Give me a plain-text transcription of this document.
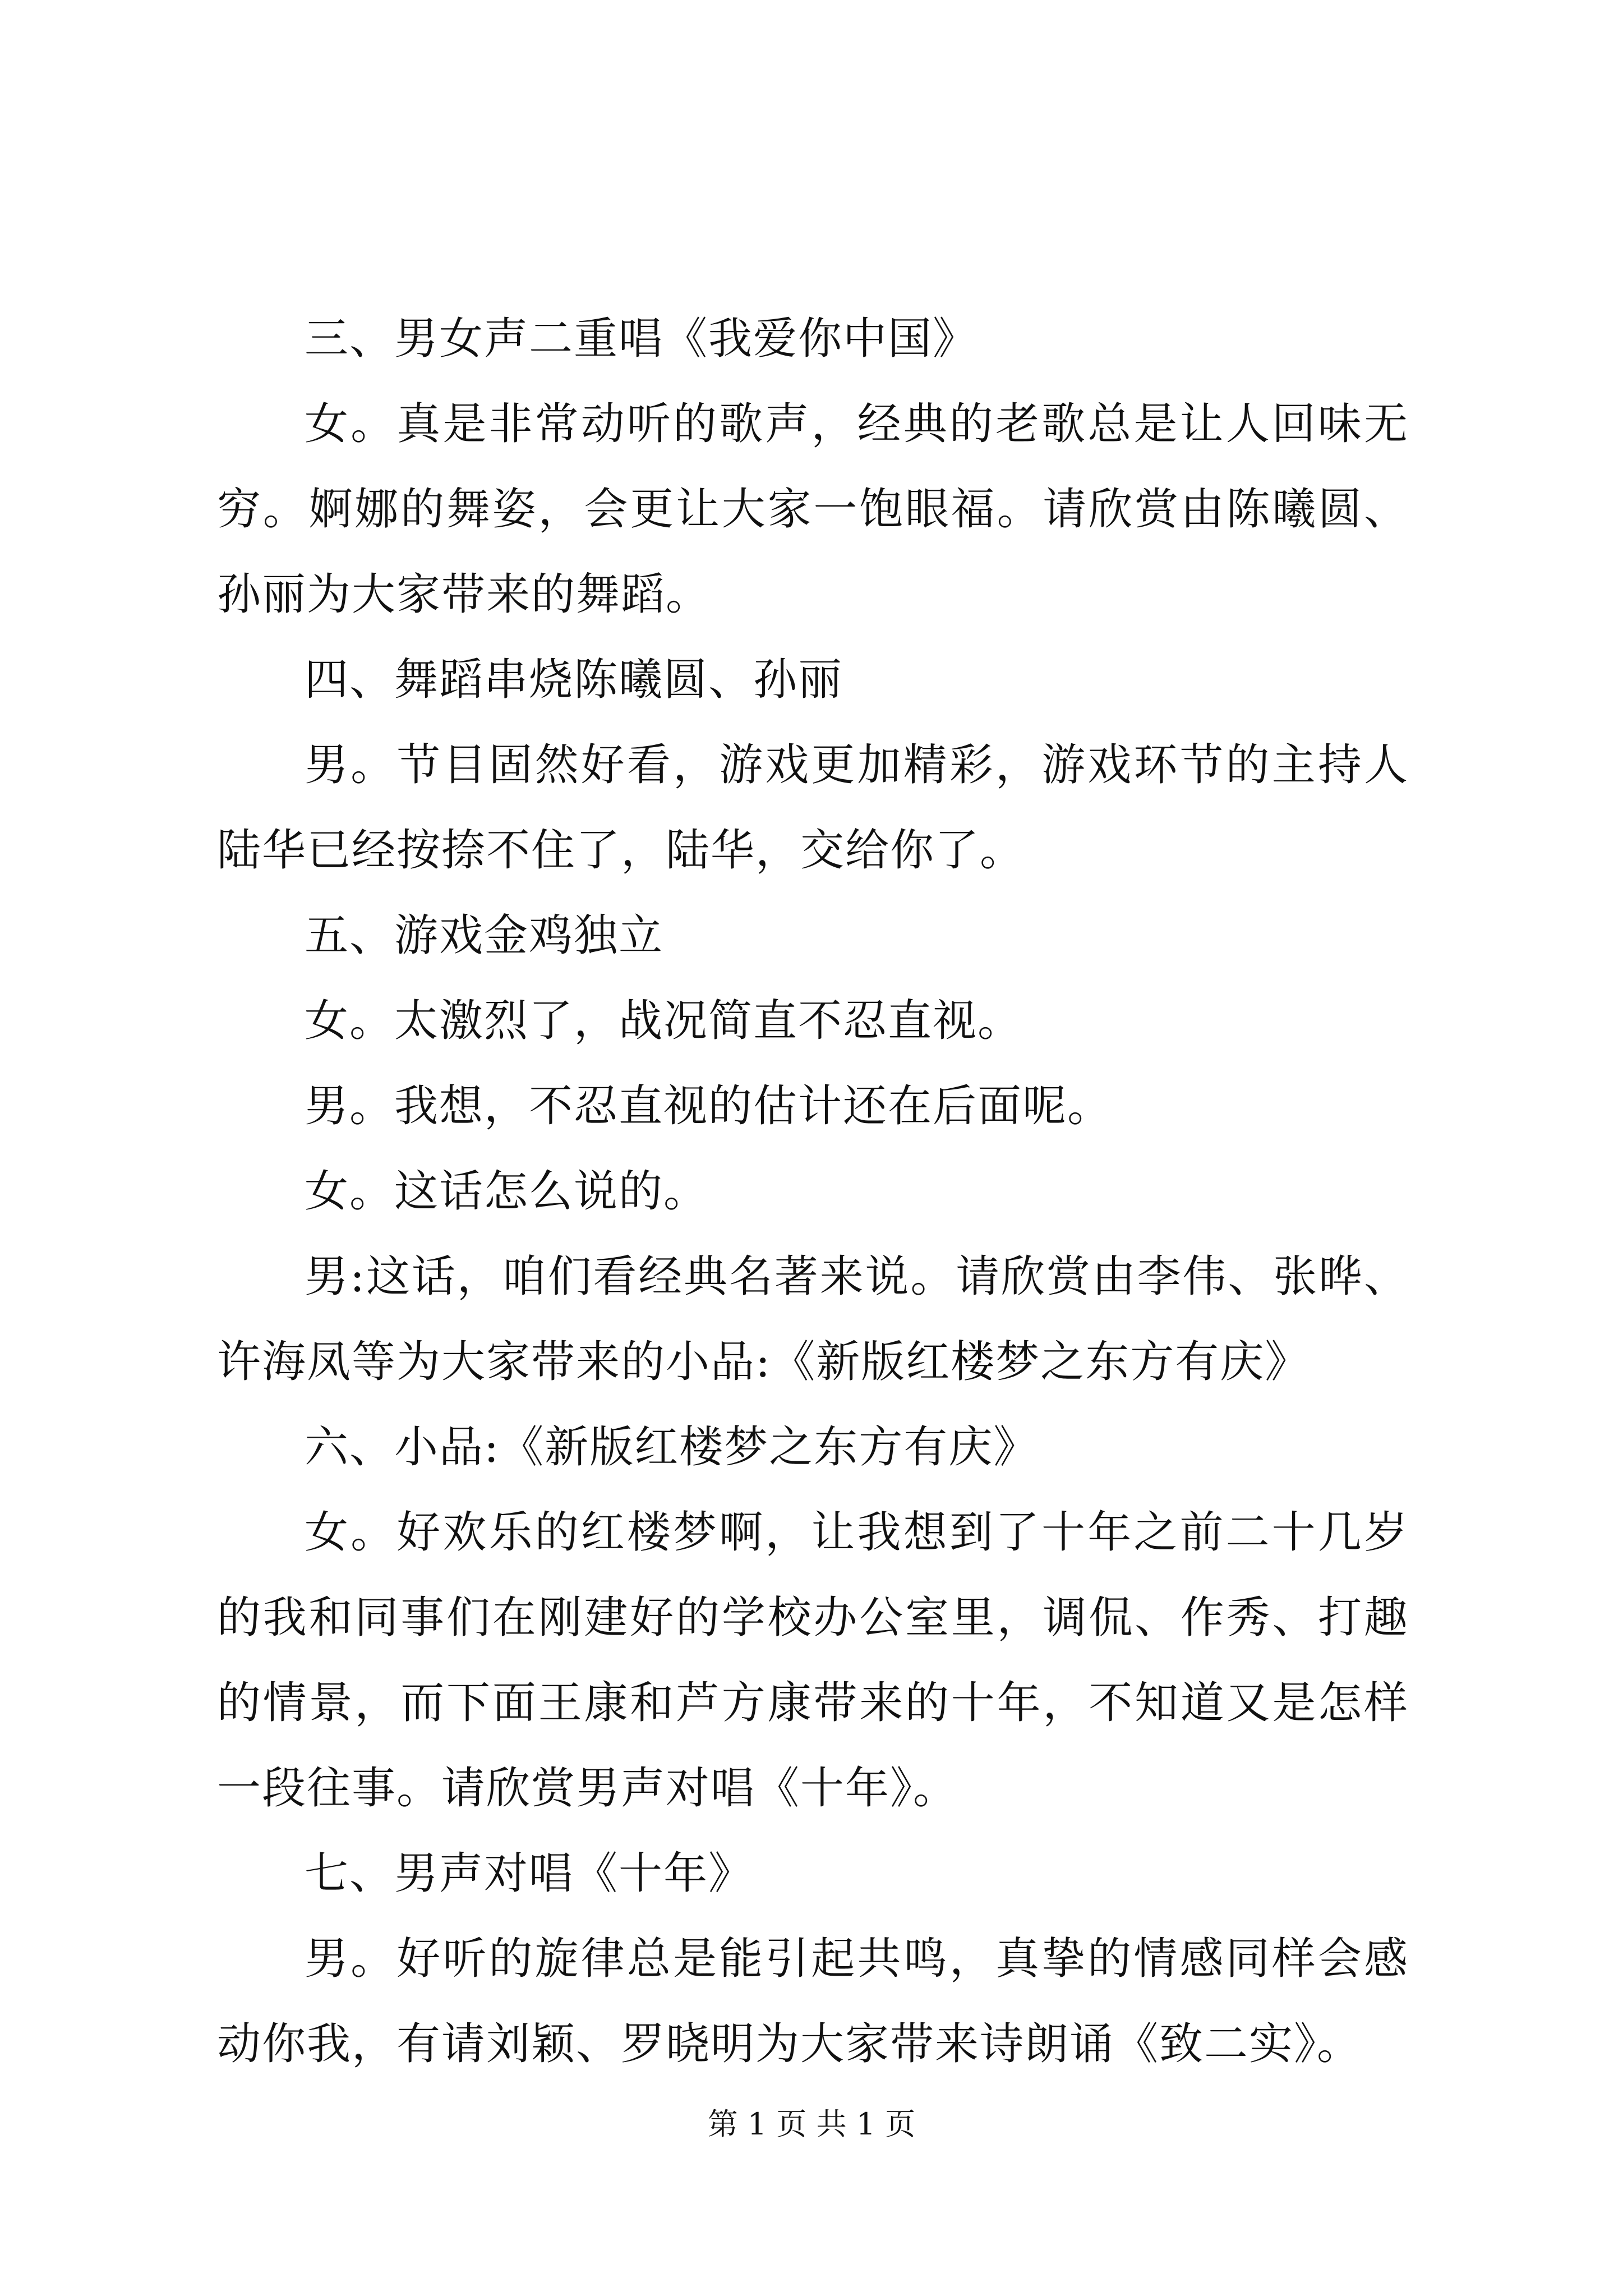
三、男女声二重唱《我爱你中国》

女。真是非常动听的歌声，经典的老歌总是让人回味无穷。婀娜的舞姿，会更让大家一饱眼福。请欣赏由陈曦圆、孙丽为大家带来的舞蹈。

四、舞蹈串烧陈曦圆、孙丽

男。节目固然好看，游戏更加精彩，游戏环节的主持人陆华已经按捺不住了，陆华，交给你了。

五、游戏金鸡独立

女。太激烈了，战况简直不忍直视。

男。我想，不忍直视的估计还在后面呢。

女。这话怎么说的。

男:这话，咱们看经典名著来说。请欣赏由李伟、张晔、许海凤等为大家带来的小品:《新版红楼梦之东方有庆》

六、小品:《新版红楼梦之东方有庆》

女。好欢乐的红楼梦啊，让我想到了十年之前二十几岁的我和同事们在刚建好的学校办公室里，调侃、作秀、打趣的情景，而下面王康和芦方康带来的十年，不知道又是怎样一段往事。请欣赏男声对唱《十年》。

七、男声对唱《十年》

男。好听的旋律总是能引起共鸣，真挚的情感同样会感动你我，有请刘颖、罗晓明为大家带来诗朗诵《致二实》。

第 1 页 共 1 页
